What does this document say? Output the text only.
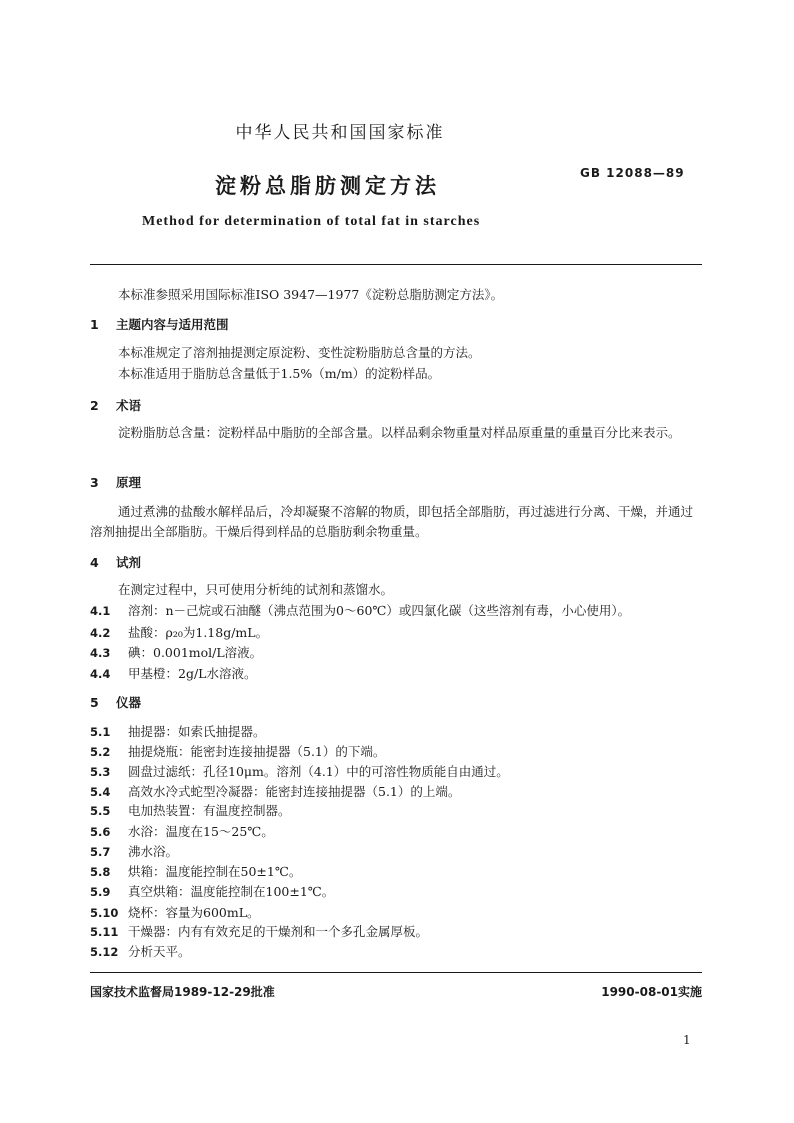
中华人民共和国国家标准
淀粉总脂肪测定方法
GB 12088—89
Method for determination of total fat in starches
本标准参照采用国际标准ISO 3947—1977《淀粉总脂肪测定方法》。
1 主题内容与适用范围
本标准规定了溶剂抽提测定原淀粉、变性淀粉脂肪总含量的方法。
本标准适用于脂肪总含量低于1.5%（m/m）的淀粉样品。
2 术语
淀粉脂肪总含量：淀粉样品中脂肪的全部含量。以样品剩余物重量对样品原重量的重量百分比来表示。
3 原理
通过煮沸的盐酸水解样品后，冷却凝聚不溶解的物质，即包括全部脂肪，再过滤进行分离、干燥，并通过溶剂抽提出全部脂肪。干燥后得到样品的总脂肪剩余物重量。
4 试剂
在测定过程中，只可使用分析纯的试剂和蒸馏水。
4.1 溶剂：n－己烷或石油醚（沸点范围为0～60℃）或四氯化碳（这些溶剂有毒，小心使用）。
4.2 盐酸：ρ₂₀为1.18g/mL。
4.3 碘：0.001mol/L溶液。
4.4 甲基橙：2g/L水溶液。
5 仪器
5.1 抽提器：如索氏抽提器。
5.2 抽提烧瓶：能密封连接抽提器（5.1）的下端。
5.3 圆盘过滤纸：孔径10μm。溶剂（4.1）中的可溶性物质能自由通过。
5.4 高效水冷式蛇型冷凝器：能密封连接抽提器（5.1）的上端。
5.5 电加热装置：有温度控制器。
5.6 水浴：温度在15～25℃。
5.7 沸水浴。
5.8 烘箱：温度能控制在50±1℃。
5.9 真空烘箱：温度能控制在100±1℃。
5.10 烧杯：容量为600mL。
5.11 干燥器：内有有效充足的干燥剂和一个多孔金属厚板。
5.12 分析天平。
国家技术监督局1989-12-29批准	1990-08-01实施
1
